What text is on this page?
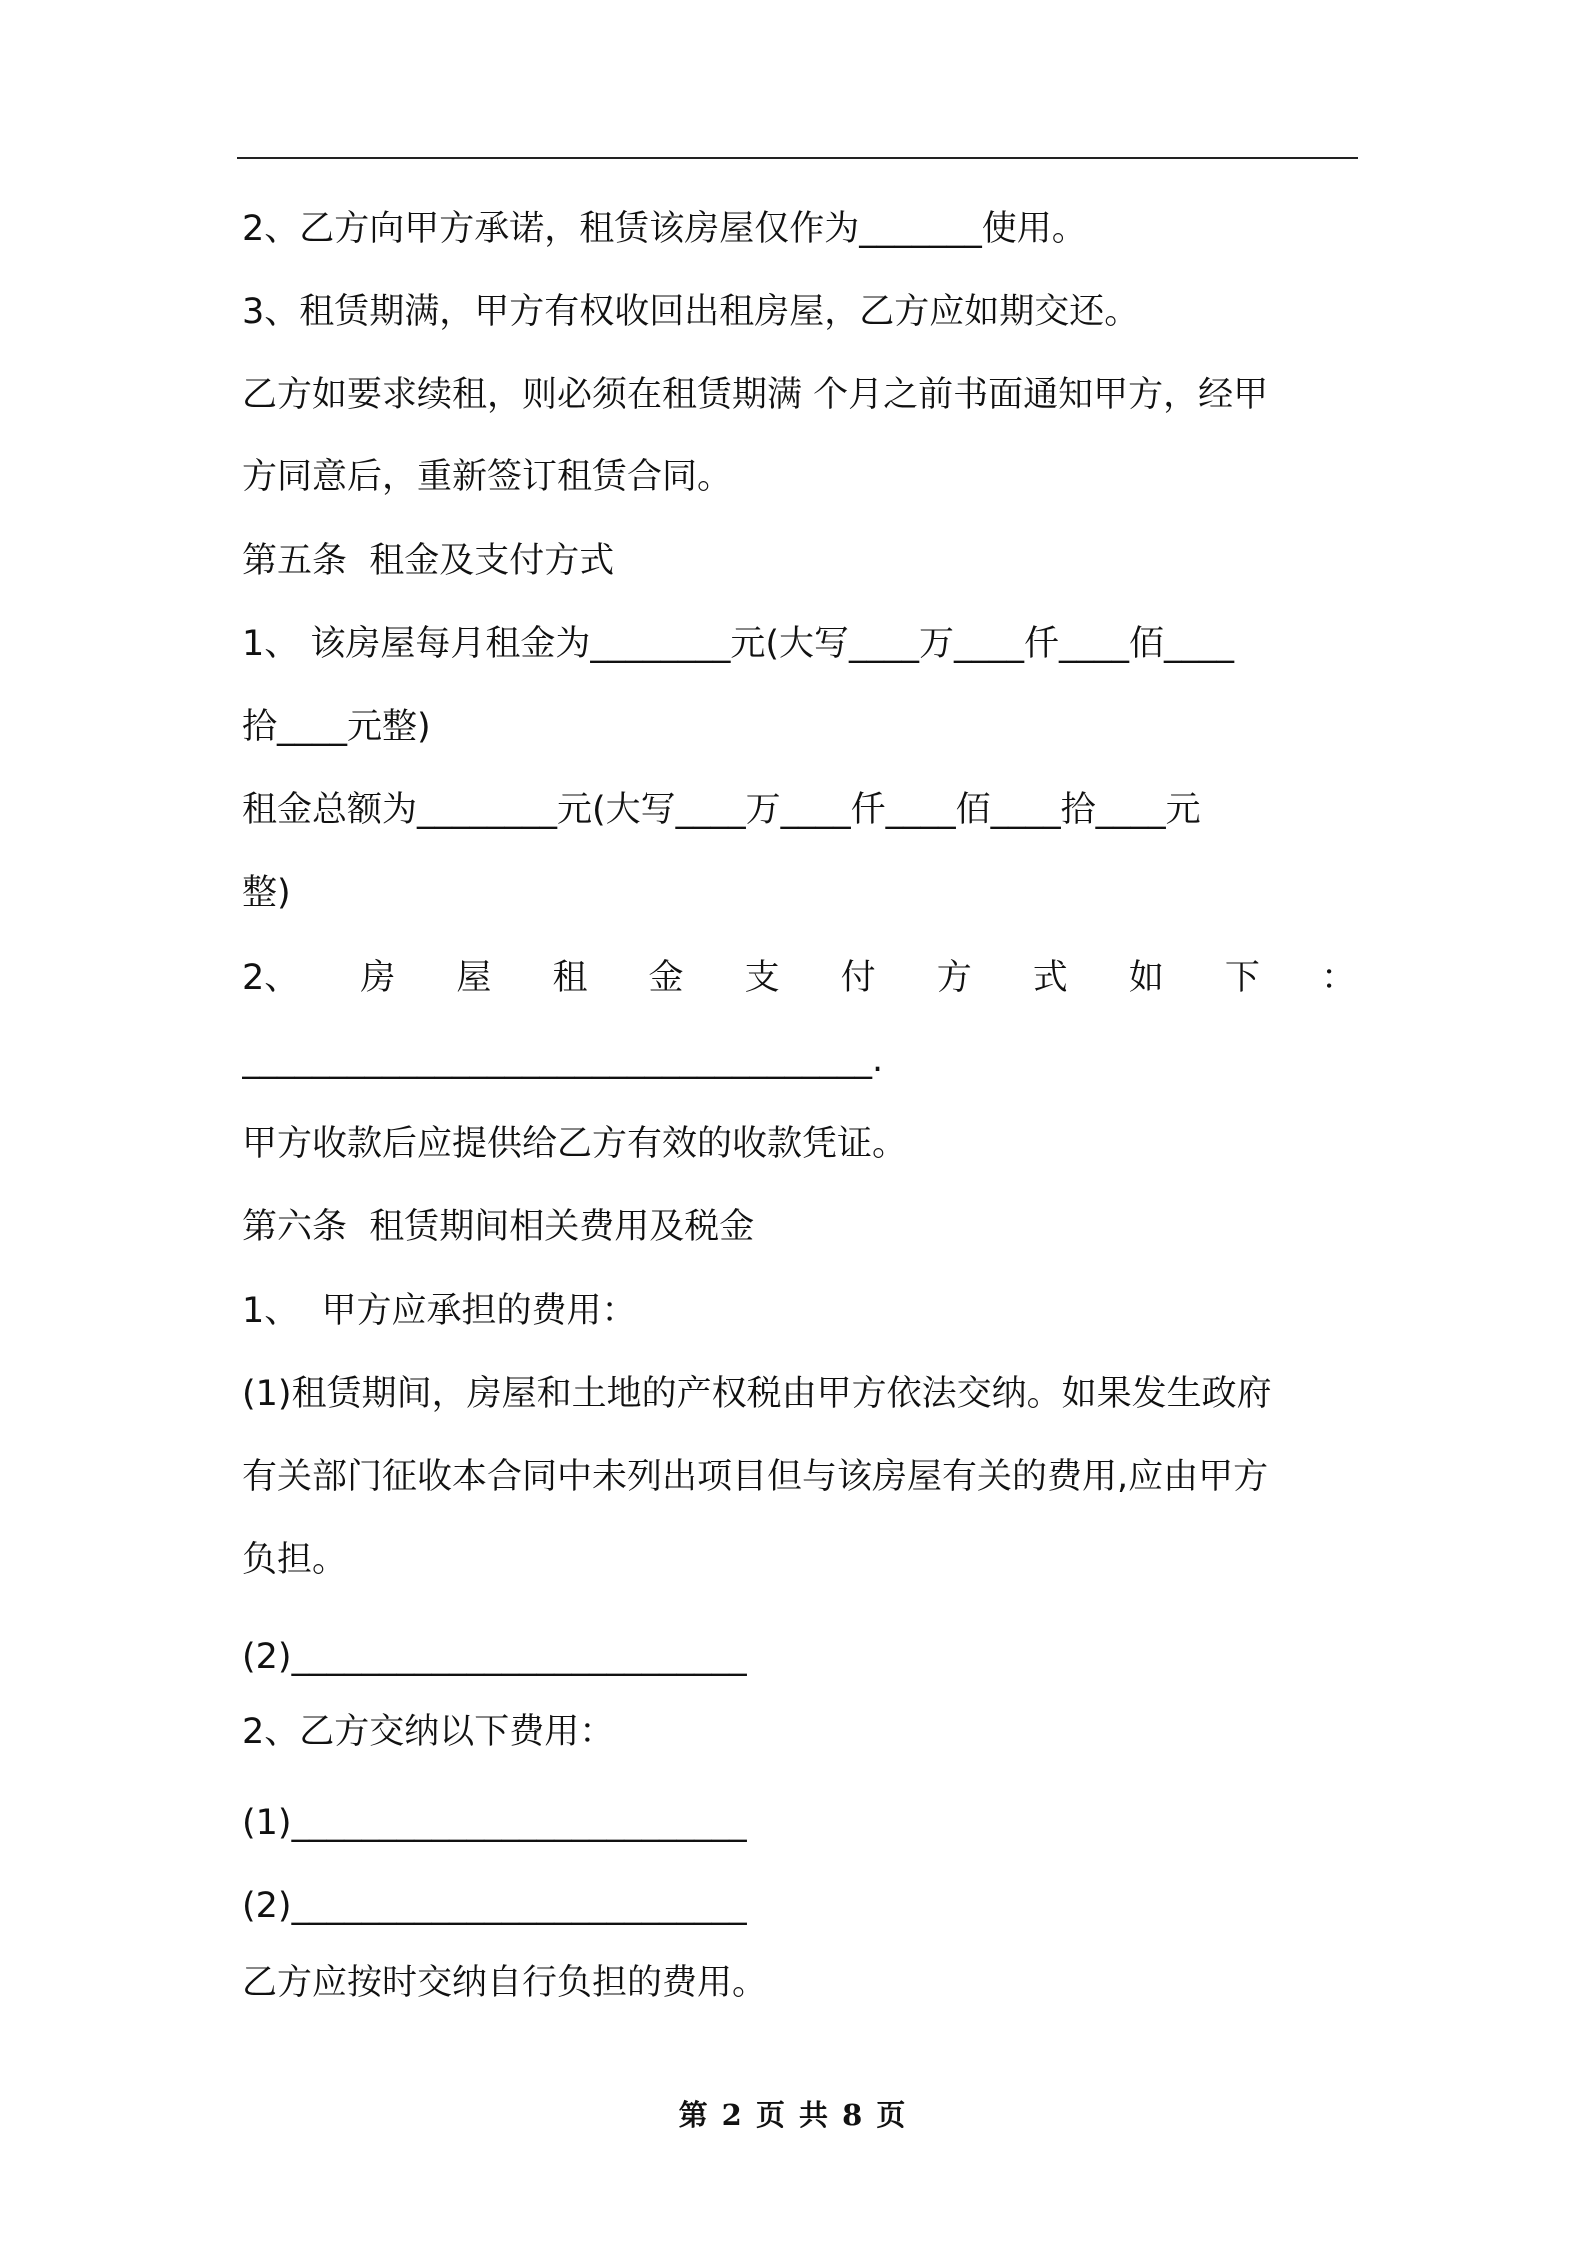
2、乙方向甲方承诺，租赁该房屋仅作为_______使用。
3、租赁期满，甲方有权收回出租房屋，乙方应如期交还。
乙方如要求续租，则必须在租赁期满 个月之前书面通知甲方，经甲
方同意后，重新签订租赁合同。
第五条  租金及支付方式
1、 该房屋每月租金为________元(大写____万____仟____佰____
拾____元整)
租金总额为________元(大写____万____仟____佰____拾____元
整)
2、 房 屋 租 金 支 付 方 式 如 下 ：
____________________________________.
甲方收款后应提供给乙方有效的收款凭证。
第六条  租赁期间相关费用及税金
1、  甲方应承担的费用：
(1)租赁期间，房屋和土地的产权税由甲方依法交纳。如果发生政府
有关部门征收本合同中未列出项目但与该房屋有关的费用,应由甲方
负担。
(2)__________________________
2、乙方交纳以下费用：
(1)__________________________
(2)__________________________
乙方应按时交纳自行负担的费用。
第 2 页 共 8 页
